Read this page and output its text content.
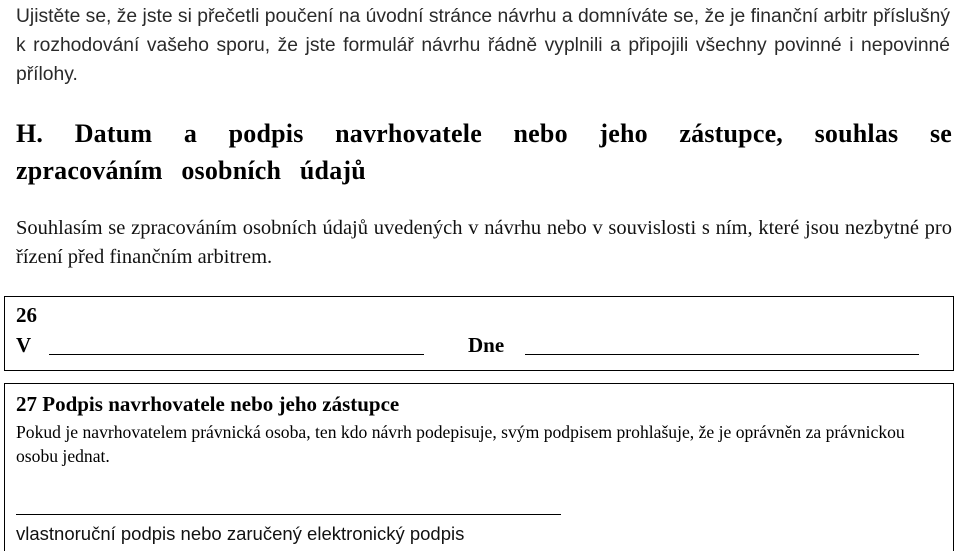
Ujistěte se, že jste si přečetli poučení na úvodní stránce návrhu a domníváte se, že je finanční arbitr příslušný k rozhodování vašeho sporu, že jste formulář návrhu řádně vyplnili a připojili všechny povinné i nepovinné přílohy.
H. Datum a podpis navrhovatele nebo jeho zástupce, souhlas se zpracováním osobních údajů
Souhlasím se zpracováním osobních údajů uvedených v návrhu nebo v souvislosti s ním, které jsou nezbytné pro řízení před finančním arbitrem.
26
V	Dne
27 Podpis navrhovatele nebo jeho zástupce
Pokud je navrhovatelem právnická osoba, ten kdo návrh podepisuje, svým podpisem prohlašuje, že je oprávněn za právnickou osobu jednat.
vlastnoruční podpis nebo zaručený elektronický podpis
